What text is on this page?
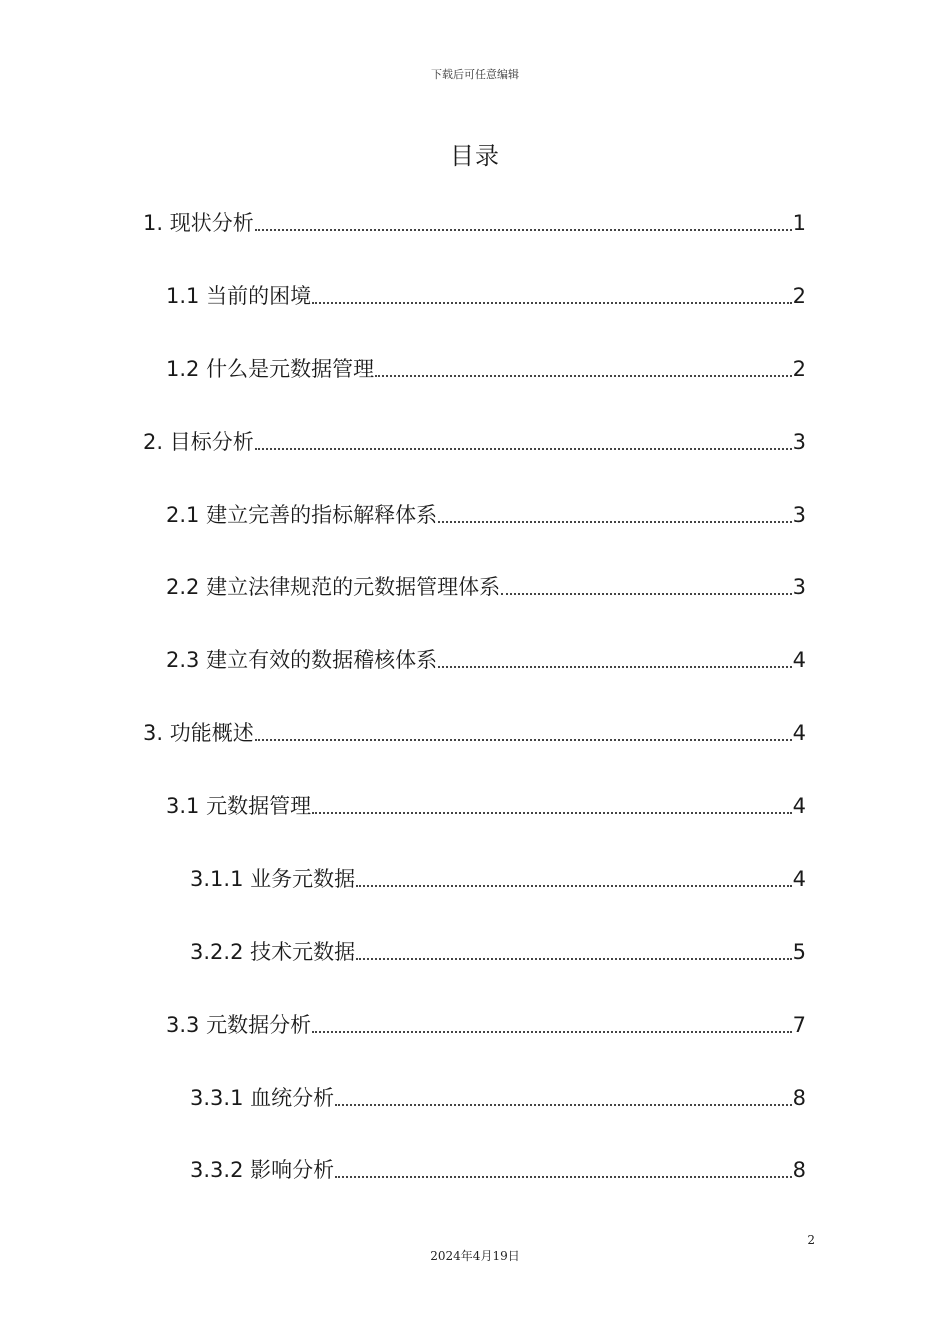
下载后可任意编辑
目录
1. 现状分析	1
1.1 当前的困境	2
1.2 什么是元数据管理	2
2. 目标分析	3
2.1 建立完善的指标解释体系	3
2.2 建立法律规范的元数据管理体系	3
2.3 建立有效的数据稽核体系	4
3. 功能概述	4
3.1 元数据管理	4
3.1.1 业务元数据	4
3.2.2 技术元数据	5
3.3 元数据分析	7
3.3.1 血统分析	8
3.3.2 影响分析	8
2
2024年4月19日
